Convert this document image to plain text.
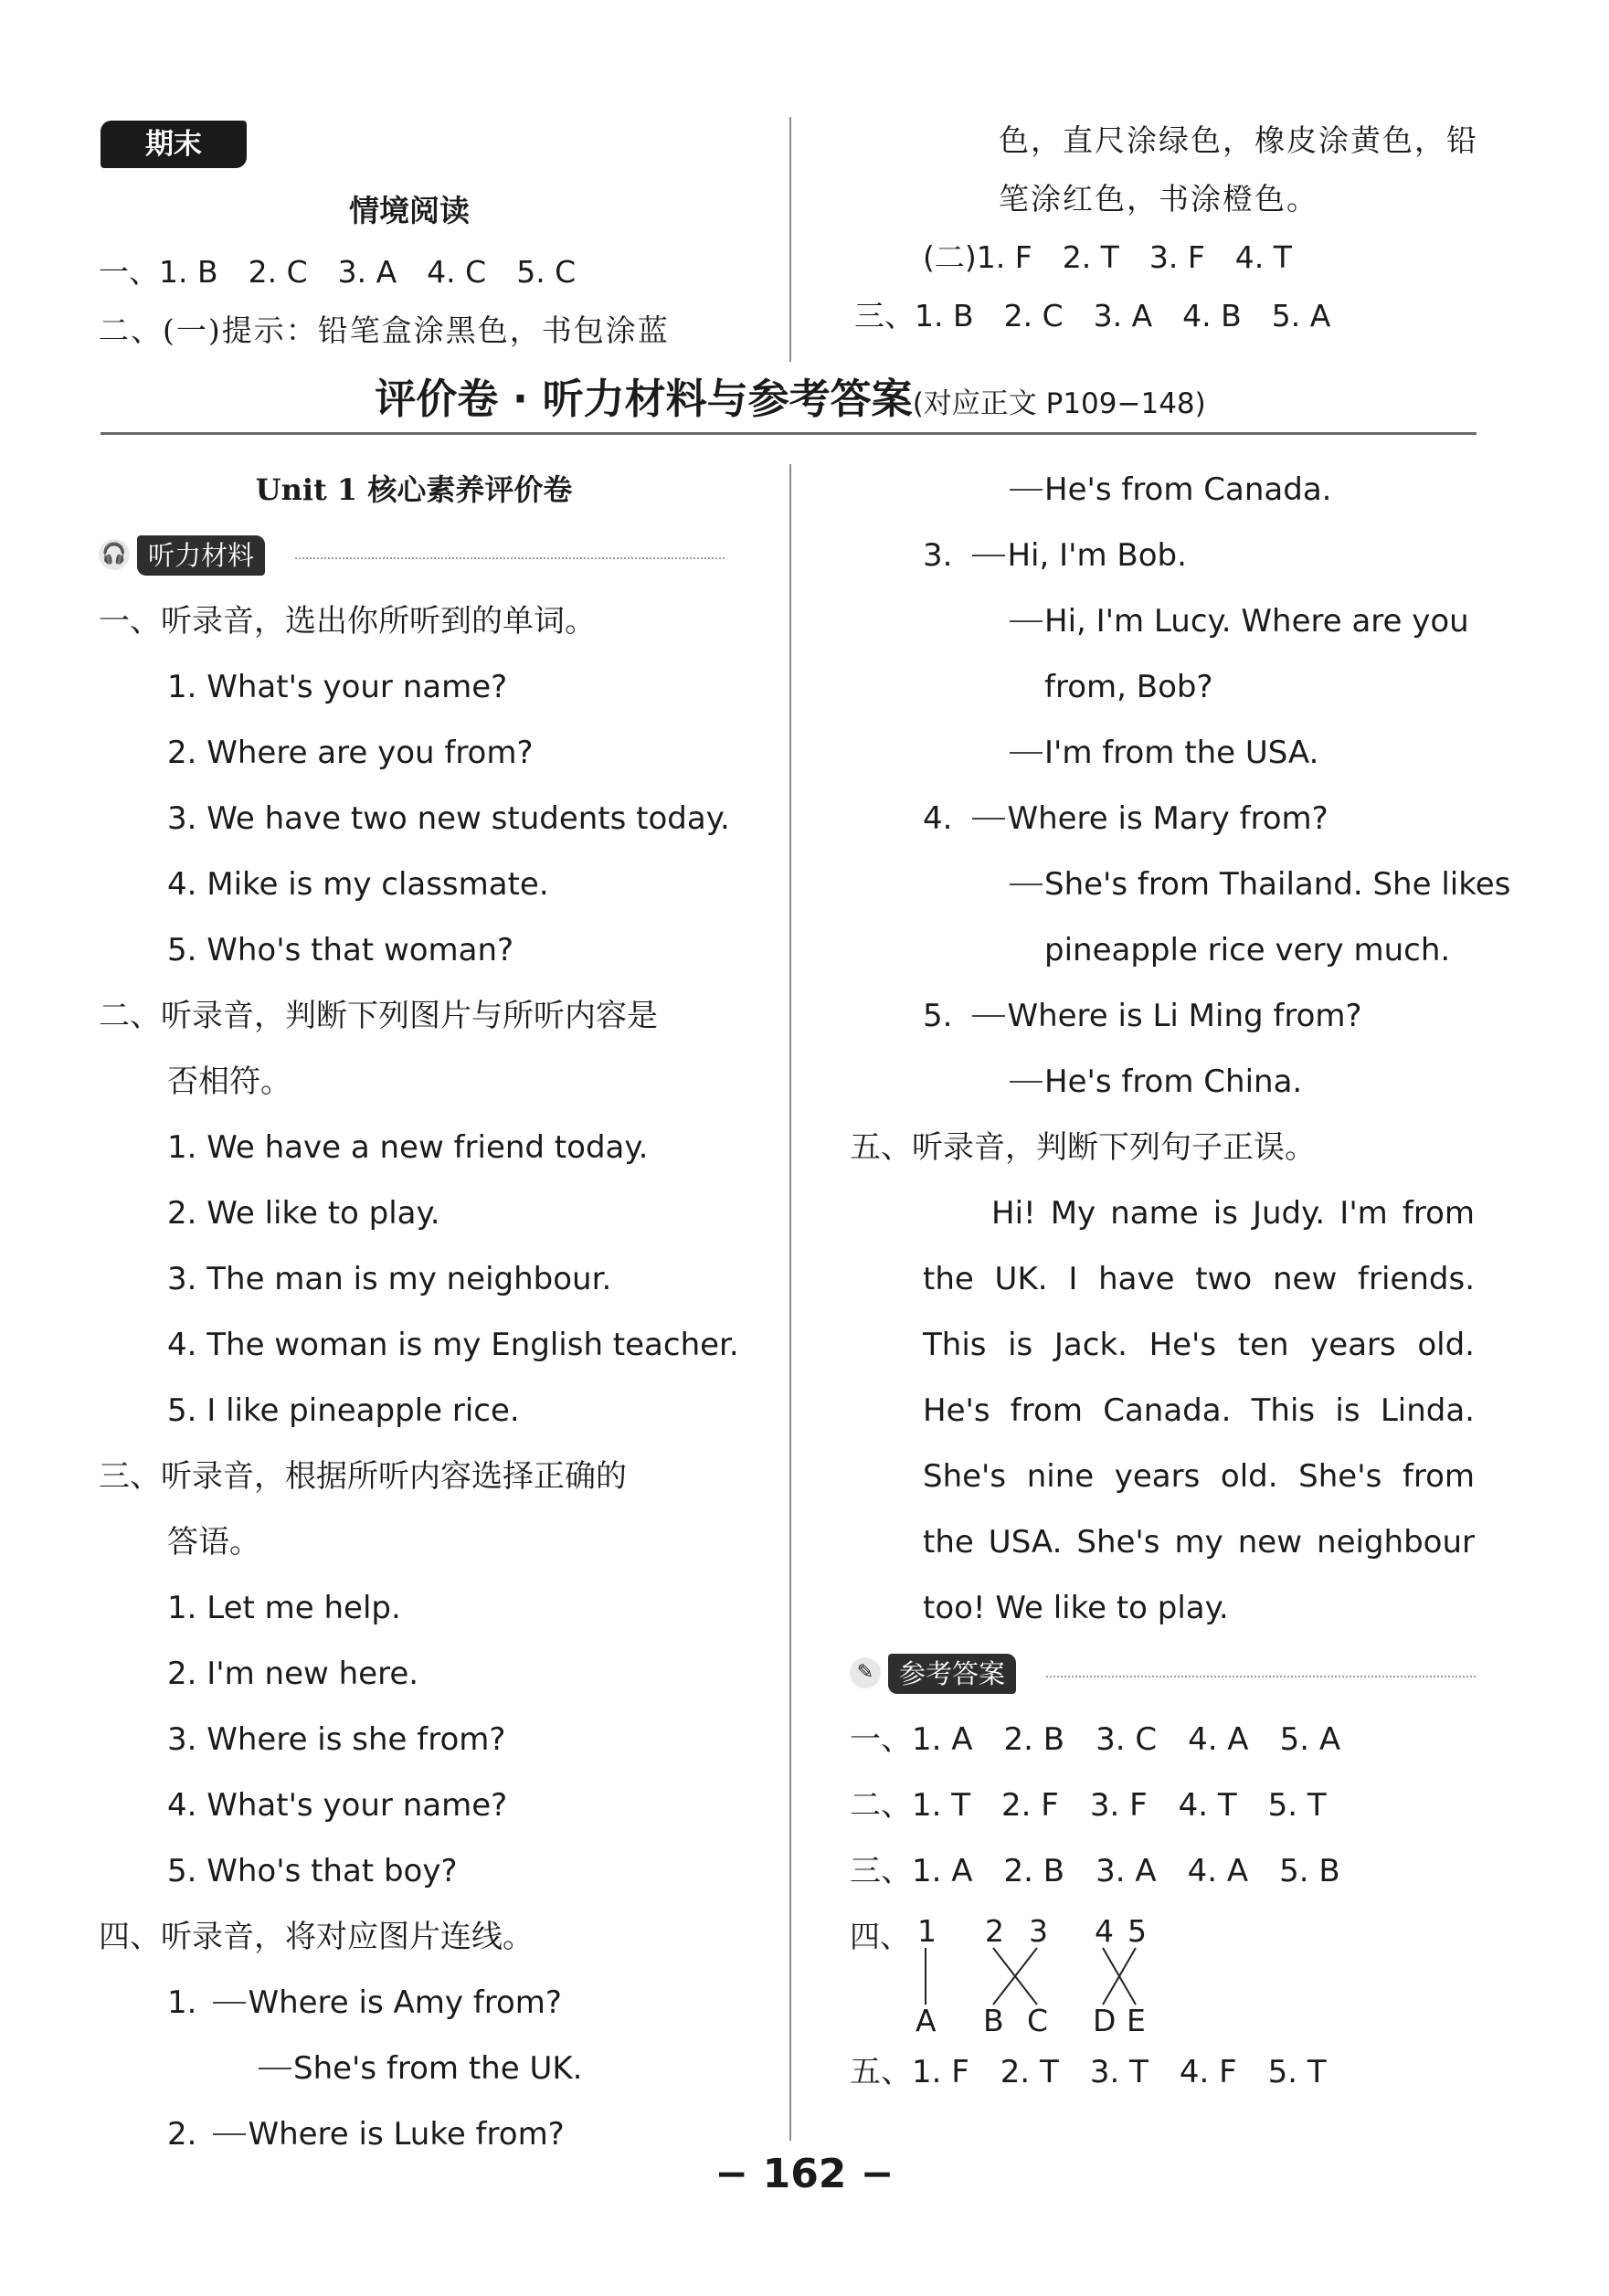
期末
情境阅读
一、1. B　2. C　3. A　4. C　5. C
二、(一)提示：铅笔盒涂黑色，书包涂蓝
色，直尺涂绿色，橡皮涂黄色，铅
笔涂红色，书涂橙色。
(二)1. F　2. T　3. F　4. T
三、1. B　2. C　3. A　4. B　5. A
评价卷 · 听力材料与参考答案(对应正文 P109−148)
Unit 1 核心素养评价卷
🎧 听力材料
一、听录音，选出你所听到的单词。
1. What's your name?
2. Where are you from?
3. We have two new students today.
4. Mike is my classmate.
5. Who's that woman?
二、听录音，判断下列图片与所听内容是
否相符。
1. We have a new friend today.
2. We like to play.
3. The man is my neighbour.
4. The woman is my English teacher.
5. I like pineapple rice.
三、听录音，根据所听内容选择正确的
答语。
1. Let me help.
2. I'm new here.
3. Where is she from?
4. What's your name?
5. Who's that boy?
四、听录音，将对应图片连线。
1. Where is Amy from?
She's from the UK.
2. Where is Luke from?
He's from Canada.
3. Hi, I'm Bob.
Hi, I'm Lucy. Where are you
from, Bob?
I'm from the USA.
4. Where is Mary from?
She's from Thailand. She likes
pineapple rice very much.
5. Where is Li Ming from?
He's from China.
五、听录音，判断下列句子正误。
Hi! My name is Judy. I'm from
the UK. I have two new friends.
This is Jack. He's ten years old.
He's from Canada. This is Linda.
She's nine years old. She's from
the USA. She's my new neighbour
too! We like to play.
✎ 参考答案
一、1. A　2. B　3. C　4. A　5. A
二、1. T　2. F　3. F　4. T　5. T
三、1. A　2. B　3. A　4. A　5. B
四、 1 2 3 4 5
A B C D E
五、1. F　2. T　3. T　4. F　5. T
− 162 −
